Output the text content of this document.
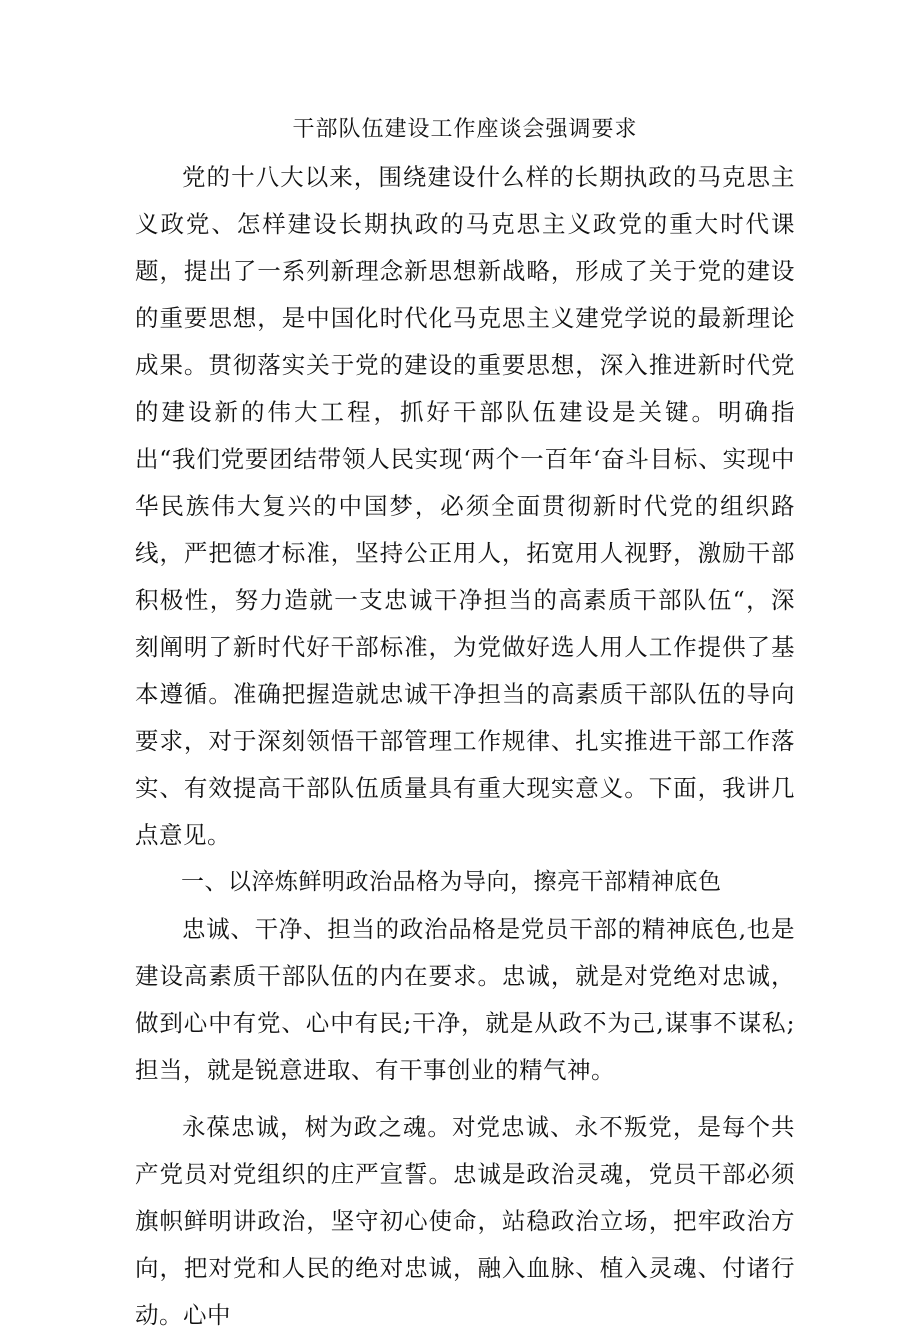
干部队伍建设工作座谈会强调要求

党的十八大以来，围绕建设什么样的长期执政的马克思主义政党、怎样建设长期执政的马克思主义政党的重大时代课题，提出了一系列新理念新思想新战略，形成了关于党的建设的重要思想，是中国化时代化马克思主义建党学说的最新理论成果。贯彻落实关于党的建设的重要思想，深入推进新时代党的建设新的伟大工程，抓好干部队伍建设是关键。明确指出“我们党要团结带领人民实现‘两个一百年‘奋斗目标、实现中华民族伟大复兴的中国梦，必须全面贯彻新时代党的组织路线，严把德才标准，坚持公正用人，拓宽用人视野，激励干部积极性，努力造就一支忠诚干净担当的高素质干部队伍“，深刻阐明了新时代好干部标准，为党做好选人用人工作提供了基本遵循。准确把握造就忠诚干净担当的高素质干部队伍的导向要求，对于深刻领悟干部管理工作规律、扎实推进干部工作落实、有效提高干部队伍质量具有重大现实意义。下面，我讲几点意见。

一、以淬炼鲜明政治品格为导向，擦亮干部精神底色

忠诚、干净、担当的政治品格是党员干部的精神底色,也是建设高素质干部队伍的内在要求。忠诚，就是对党绝对忠诚，做到心中有党、心中有民;干净，就是从政不为己,谋事不谋私;担当，就是锐意进取、有干事创业的精气神。

永葆忠诚，树为政之魂。对党忠诚、永不叛党，是每个共产党员对党组织的庄严宣誓。忠诚是政治灵魂，党员干部必须旗帜鲜明讲政治，坚守初心使命，站稳政治立场，把牢政治方向，把对党和人民的绝对忠诚，融入血脉、植入灵魂、付诸行动。心中
